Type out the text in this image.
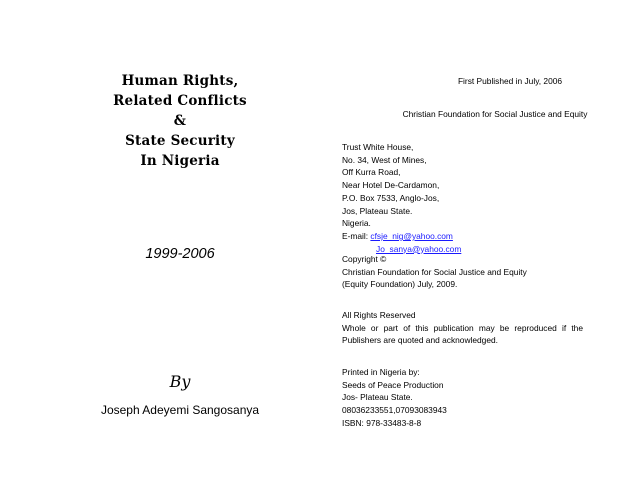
Human Rights,
Related Conflicts
&
State Security
In Nigeria
1999-2006
By
Joseph Adeyemi Sangosanya
First Published in July, 2006
Christian Foundation for Social Justice and Equity
Trust White House,
No. 34, West of Mines,
Off Kurra Road,
Near Hotel De-Cardamon,
P.O. Box 7533, Anglo-Jos,
Jos, Plateau State.
Nigeria.
E-mail: cfsje_nig@yahoo.com
Jo_sanya@yahoo.com
Copyright ©
Christian Foundation for Social Justice and Equity
(Equity Foundation) July, 2009.
All Rights Reserved
Whole or part of this publication may be reproduced if the Publishers are quoted and acknowledged.
Printed in Nigeria by:
Seeds of Peace Production
Jos- Plateau State.
08036233551,07093083943
ISBN: 978-33483-8-8
